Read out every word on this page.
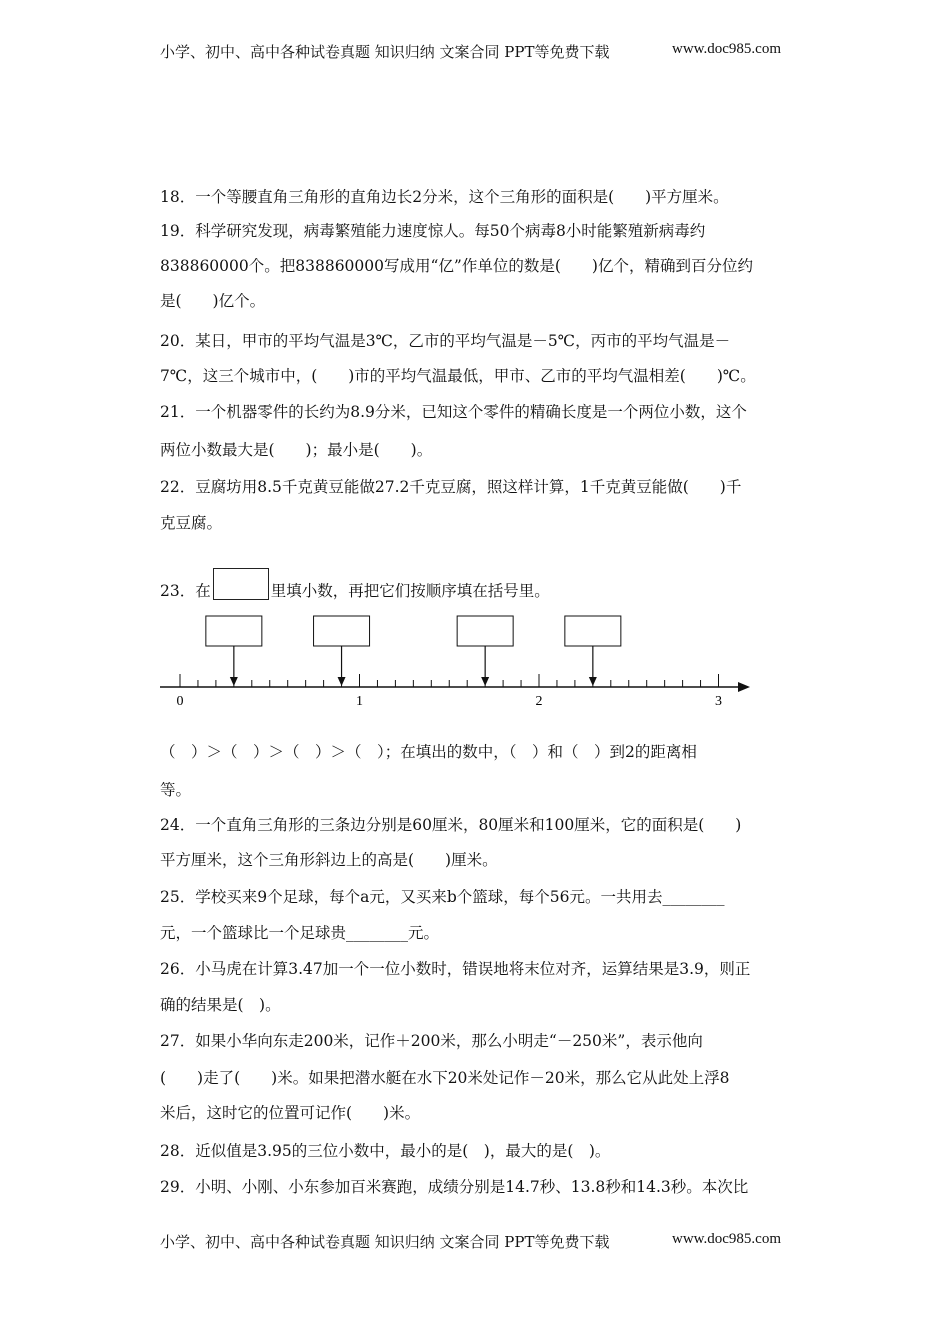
小学、初中、高中各种试卷真题 知识归纳 文案合同 PPT等免费下载	www.doc985.com
18．一个等腰直角三角形的直角边长2分米，这个三角形的面积是(　　)平方厘米。
19．科学研究发现，病毒繁殖能力速度惊人。每50个病毒8小时能繁殖新病毒约
838860000个。把838860000写成用“亿”作单位的数是(　　)亿个，精确到百分位约
是(　　)亿个。
20．某日，甲市的平均气温是3℃，乙市的平均气温是－5℃，丙市的平均气温是－
7℃，这三个城市中，(　　)市的平均气温最低，甲市、乙市的平均气温相差(　　)℃。
21．一个机器零件的长约为8.9分米，已知这个零件的精确长度是一个两位小数，这个
两位小数最大是(　　)；最小是(　　)。
22．豆腐坊用8.5千克黄豆能做27.2千克豆腐，照这样计算，1千克黄豆能做(　　)千
克豆腐。
23．在	里填小数，再把它们按顺序填在括号里。
0	1	2	3
（　）＞（　）＞（　）＞（　）；在填出的数中，（　）和（　）到2的距离相
等。
24．一个直角三角形的三条边分别是60厘米，80厘米和100厘米，它的面积是(　　)
平方厘米，这个三角形斜边上的高是(　　)厘米。
25．学校买来9个足球，每个a元，又买来b个篮球，每个56元。一共用去________
元，一个篮球比一个足球贵________元。
26．小马虎在计算3.47加一个一位小数时，错误地将末位对齐，运算结果是3.9，则正
确的结果是(　)。
27．如果小华向东走200米，记作＋200米，那么小明走“－250米”，表示他向
(　　)走了(　　)米。如果把潜水艇在水下20米处记作－20米，那么它从此处上浮8
米后，这时它的位置可记作(　　)米。
28．近似值是3.95的三位小数中，最小的是(　)，最大的是(　)。
29．小明、小刚、小东参加百米赛跑，成绩分别是14.7秒、13.8秒和14.3秒。本次比
小学、初中、高中各种试卷真题 知识归纳 文案合同 PPT等免费下载	www.doc985.com
